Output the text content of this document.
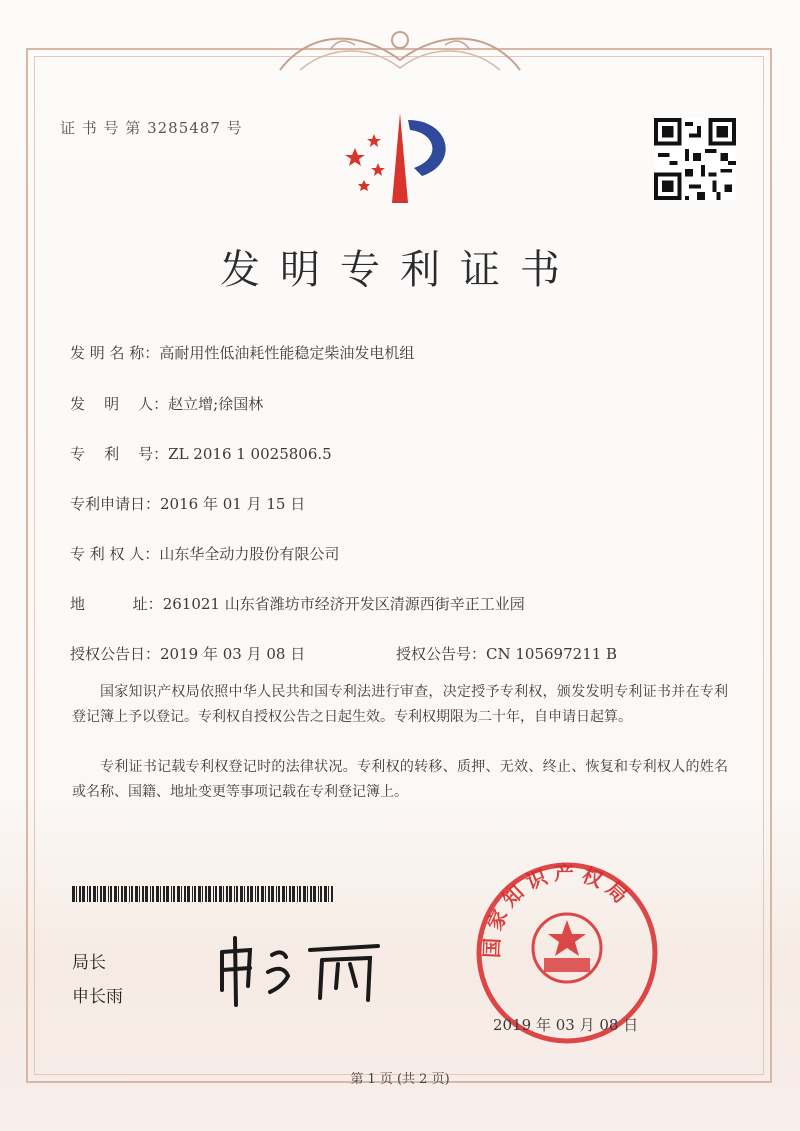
证 书 号 第 3285487 号
发明专利证书
发 明 名 称：高耐用性低油耗性能稳定柴油发电机组
发    明    人：赵立增;徐国林
专    利    号：ZL 2016 1 0025806.5
专利申请日：2016 年 01 月 15 日
专 利 权 人：山东华全动力股份有限公司
地          址：261021 山东省潍坊市经济开发区清源西街辛正工业园
授权公告日：2019 年 03 月 08 日	授权公告号：CN 105697211 B
国家知识产权局依照中华人民共和国专利法进行审查，决定授予专利权，颁发发明专利证书并在专利登记簿上予以登记。专利权自授权公告之日起生效。专利权期限为二十年，自申请日起算。
专利证书记载专利权登记时的法律状况。专利权的转移、质押、无效、终止、恢复和专利权人的姓名或名称、国籍、地址变更等事项记载在专利登记簿上。
局长
申长雨
国家知识产权局
2019 年 03 月 08 日
第 1 页 (共 2 页)
